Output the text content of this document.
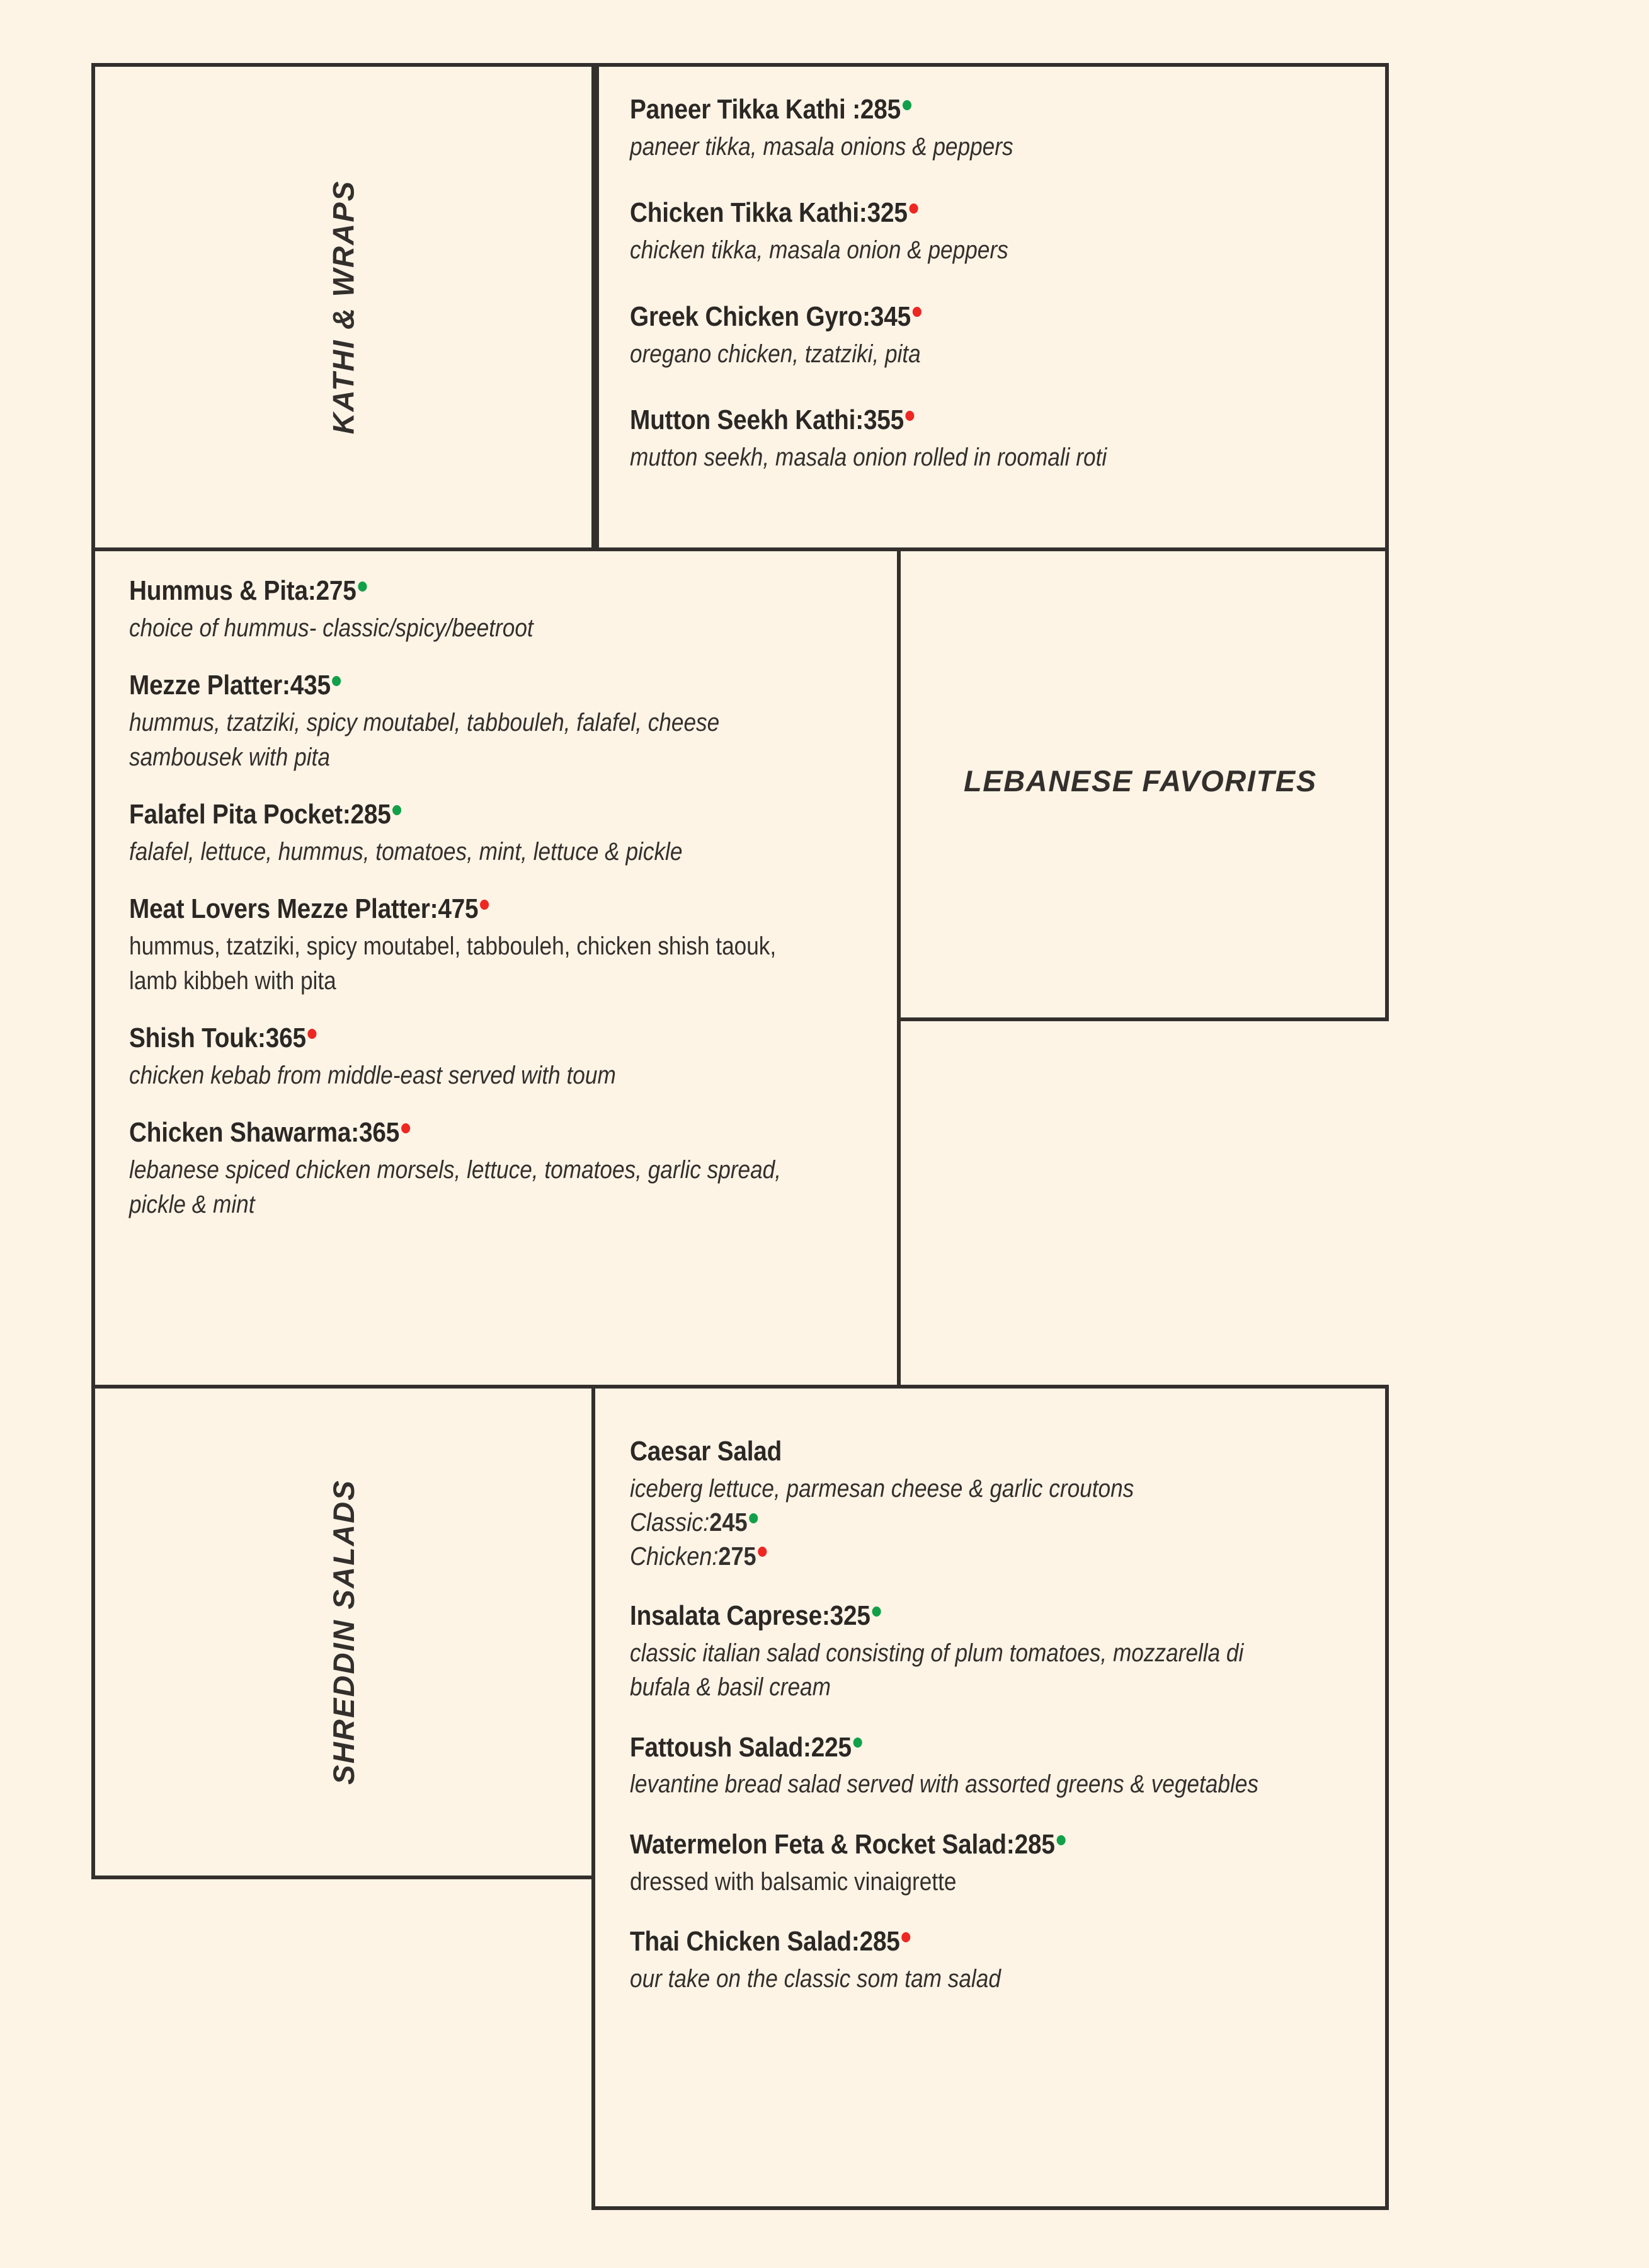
KATHI & WRAPS
Paneer Tikka Kathi :285
paneer tikka, masala onions & peppers
Chicken Tikka Kathi:325
chicken tikka, masala onion & peppers
Greek Chicken Gyro:345
oregano chicken, tzatziki, pita
Mutton Seekh Kathi:355
mutton seekh, masala onion rolled in roomali roti
Hummus & Pita:275
choice of hummus- classic/spicy/beetroot
Mezze Platter:435
hummus, tzatziki, spicy moutabel, tabbouleh, falafel, cheese sambousek with pita
Falafel Pita Pocket:285
falafel, lettuce, hummus, tomatoes, mint, lettuce & pickle
Meat Lovers Mezze Platter:475
hummus, tzatziki, spicy moutabel, tabbouleh, chicken shish taouk, lamb kibbeh with pita
Shish Touk:365
chicken kebab from middle-east served with toum
Chicken Shawarma:365
lebanese spiced chicken morsels, lettuce, tomatoes, garlic spread, pickle & mint
LEBANESE FAVORITES
SHREDDIN SALADS
Caesar Salad
iceberg lettuce, parmesan cheese & garlic croutons
Classic:245
Chicken:275
Insalata Caprese:325
classic italian salad consisting of plum tomatoes, mozzarella di bufala & basil cream
Fattoush Salad:225
levantine bread salad served with assorted greens & vegetables
Watermelon Feta & Rocket Salad:285
dressed with balsamic vinaigrette
Thai Chicken Salad:285
our take on the classic som tam salad
